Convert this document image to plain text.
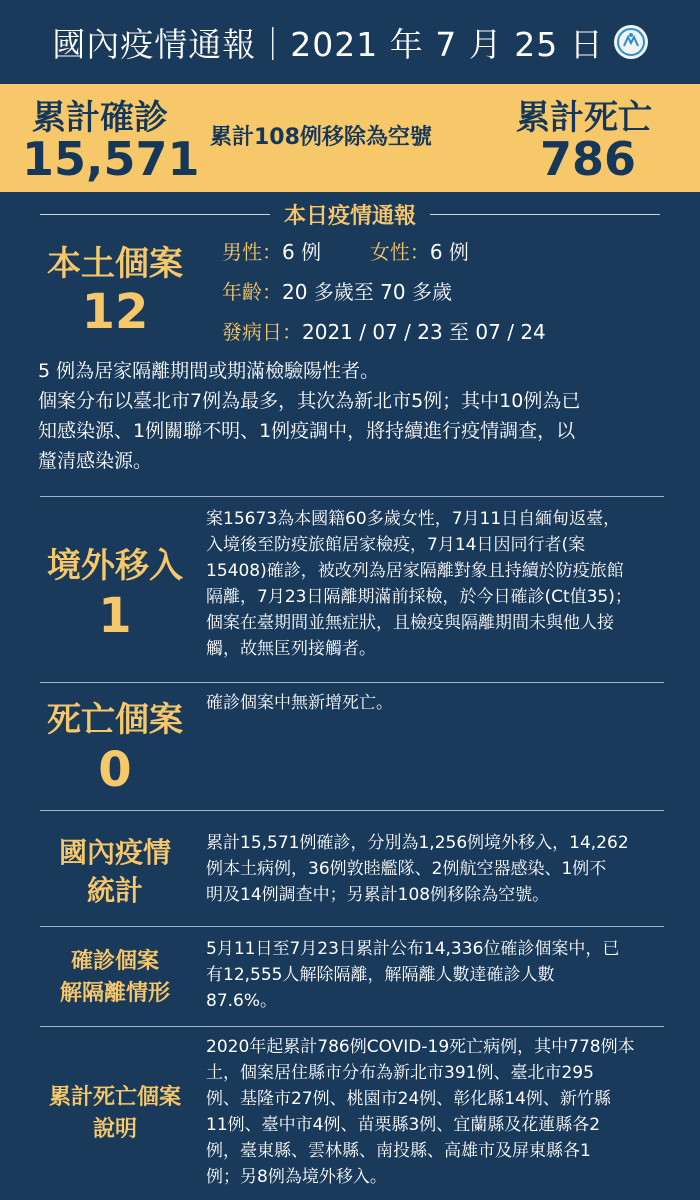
國內疫情通報｜2021 年 7 月 25 日
累計確診
15,571 累計108例移除為空號 累計死亡
786
本日疫情通報
本土個案
12
男性：6 例 女性：6 例
年齡：20 多歲至 70 多歲
發病日：2021 / 07 / 23 至 07 / 24
5 例為居家隔離期間或期滿檢驗陽性者。
個案分布以臺北市7例為最多，其次為新北市5例；其中10例為已
知感染源、1例關聯不明、1例疫調中，將持續進行疫情調查，以
釐清感染源。
境外移入
1
案15673為本國籍60多歲女性，7月11日自緬甸返臺，
入境後至防疫旅館居家檢疫，7月14日因同行者(案
15408)確診，被改列為居家隔離對象且持續於防疫旅館
隔離，7月23日隔離期滿前採檢，於今日確診(Ct值35)；
個案在臺期間並無症狀，且檢疫與隔離期間未與他人接
觸，故無匡列接觸者。
死亡個案
0
確診個案中無新增死亡。
國內疫情
統計
累計15,571例確診，分別為1,256例境外移入，14,262
例本土病例，36例敦睦艦隊、2例航空器感染、1例不
明及14例調查中；另累計108例移除為空號。
確診個案
解隔離情形
5月11日至7月23日累計公布14,336位確診個案中，已
有12,555人解除隔離，解隔離人數達確診人數
87.6%。
累計死亡個案
說明
2020年起累計786例COVID-19死亡病例，其中778例本
土，個案居住縣市分布為新北市391例、臺北市295
例、基隆市27例、桃園市24例、彰化縣14例、新竹縣
11例、臺中市4例、苗栗縣3例、宜蘭縣及花蓮縣各2
例，臺東縣、雲林縣、南投縣、高雄市及屏東縣各1
例；另8例為境外移入。
